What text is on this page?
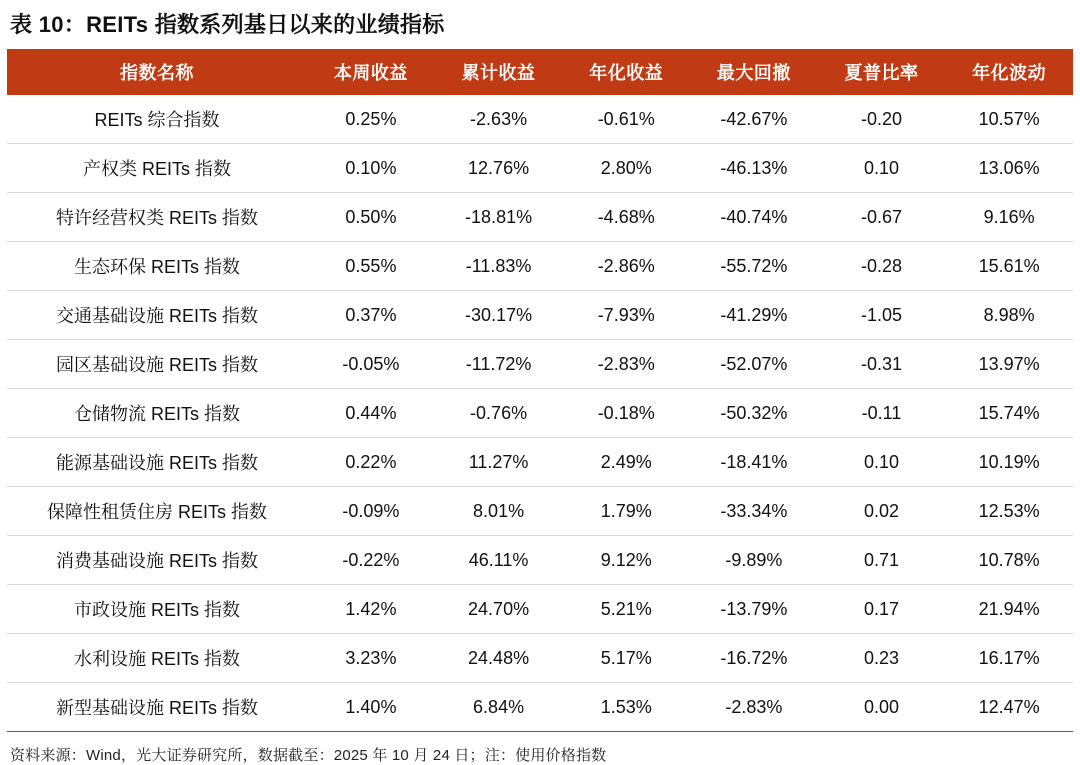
表 10：REITs 指数系列基日以来的业绩指标
指数名称	本周收益	累计收益	年化收益	最大回撤	夏普比率	年化波动
REITs 综合指数	0.25%	-2.63%	-0.61%	-42.67%	-0.20	10.57%
产权类 REITs 指数	0.10%	12.76%	2.80%	-46.13%	0.10	13.06%
特许经营权类 REITs 指数	0.50%	-18.81%	-4.68%	-40.74%	-0.67	9.16%
生态环保 REITs 指数	0.55%	-11.83%	-2.86%	-55.72%	-0.28	15.61%
交通基础设施 REITs 指数	0.37%	-30.17%	-7.93%	-41.29%	-1.05	8.98%
园区基础设施 REITs 指数	-0.05%	-11.72%	-2.83%	-52.07%	-0.31	13.97%
仓储物流 REITs 指数	0.44%	-0.76%	-0.18%	-50.32%	-0.11	15.74%
能源基础设施 REITs 指数	0.22%	11.27%	2.49%	-18.41%	0.10	10.19%
保障性租赁住房 REITs 指数	-0.09%	8.01%	1.79%	-33.34%	0.02	12.53%
消费基础设施 REITs 指数	-0.22%	46.11%	9.12%	-9.89%	0.71	10.78%
市政设施 REITs 指数	1.42%	24.70%	5.21%	-13.79%	0.17	21.94%
水利设施 REITs 指数	3.23%	24.48%	5.17%	-16.72%	0.23	16.17%
新型基础设施 REITs 指数	1.40%	6.84%	1.53%	-2.83%	0.00	12.47%
资料来源：Wind，光大证券研究所，数据截至：2025 年 10 月 24 日；注：使用价格指数
